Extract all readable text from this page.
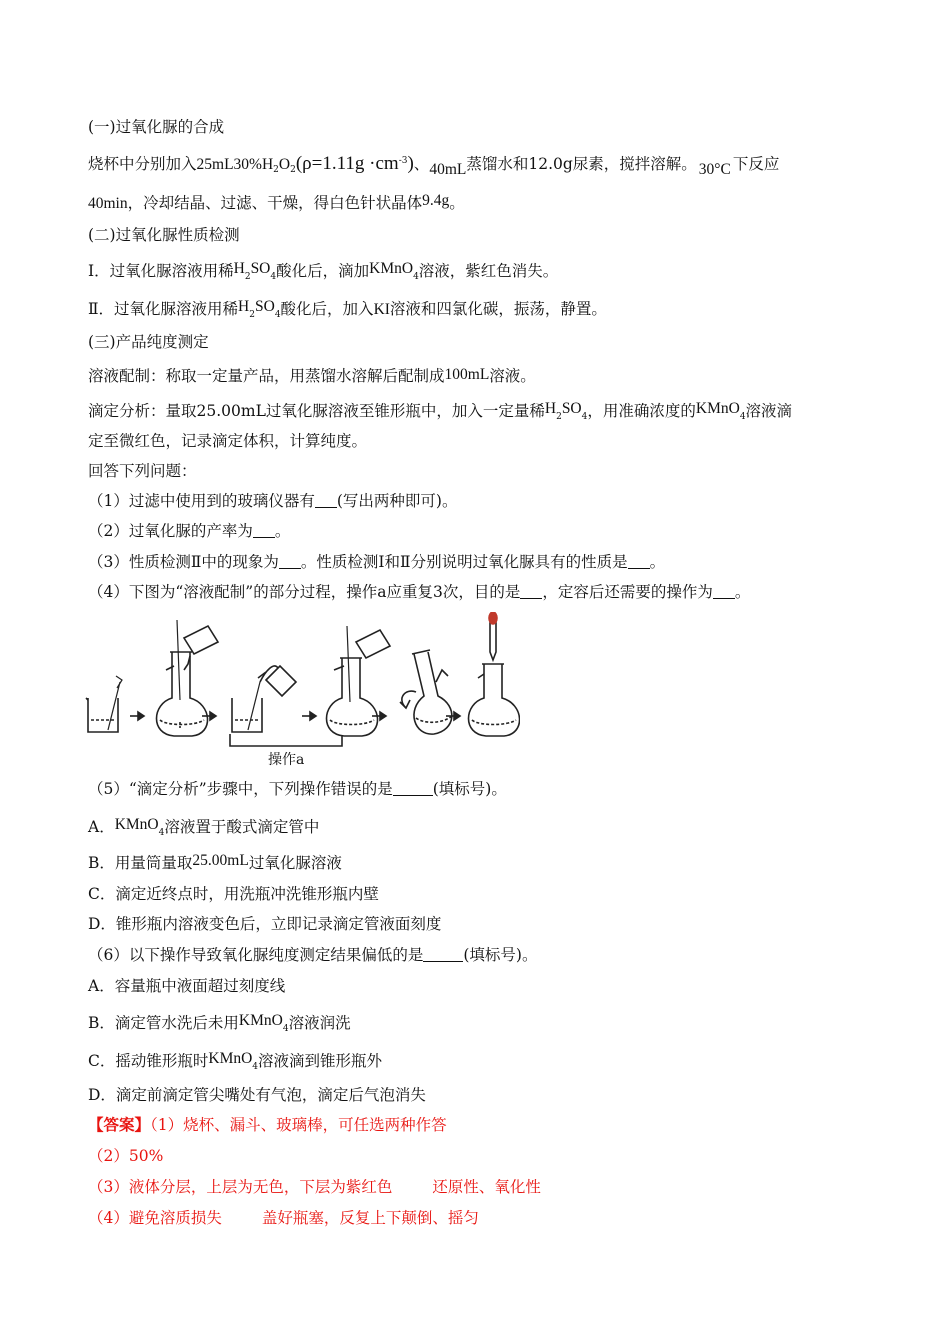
(一)过氧化脲的合成
烧杯中分别加入$25mL30\%H_2O_2(\rho=1.11g \cdot cm^{-3})$、40mL蒸馏水和12.0g尿素，搅拌溶解。 30°C 下反应
40min，冷却结晶、过滤、干燥，得白色针状晶体9.4g。
(二)过氧化脲性质检测
I．过氧化脲溶液用稀$H_2SO_4$酸化后，滴加KMnO$_4$溶液，紫红色消失。
Ⅱ．过氧化脲溶液用稀$H_2SO_4$酸化后，加入KI溶液和四氯化碳，振荡，静置。
(三)产品纯度测定
溶液配制：称取一定量产品，用蒸馏水溶解后配制成100mL溶液。
滴定分析：量取25.00mL过氧化脲溶液至锥形瓶中，加入一定量稀$H_2SO_4$，用准确浓度的KMnO$_4$溶液滴
定至微红色，记录滴定体积，计算纯度。
回答下列问题：
（1）过滤中使用到的玻璃仪器有 (写出两种即可)。
（2）过氧化脲的产率为 。
（3）性质检测Ⅱ中的现象为 。性质检测Ⅰ和Ⅱ分别说明过氧化脲具有的性质是 。
（4）下图为“溶液配制”的部分过程，操作a应重复3次，目的是 ，定容后还需要的操作为 。
操作a
（5）“滴定分析”步骤中，下列操作错误的是	(填标号)。
A．KMnO$_4$溶液置于酸式滴定管中
B．用量筒量取25.00mL过氧化脲溶液
C．滴定近终点时，用洗瓶冲洗锥形瓶内壁
D．锥形瓶内溶液变色后，立即记录滴定管液面刻度
（6）以下操作导致氧化脲纯度测定结果偏低的是	(填标号)。
A．容量瓶中液面超过刻度线
B．滴定管水洗后未用KMnO$_4$溶液润洗
C．摇动锥形瓶时KMnO$_4$溶液滴到锥形瓶外
D．滴定前滴定管尖嘴处有气泡，滴定后气泡消失
【答案】（1）烧杯、漏斗、玻璃棒，可任选两种作答
（2）50%
（3）液体分层，上层为无色，下层为紫红色	还原性、氧化性
（4）避免溶质损失	盖好瓶塞，反复上下颠倒、摇匀
